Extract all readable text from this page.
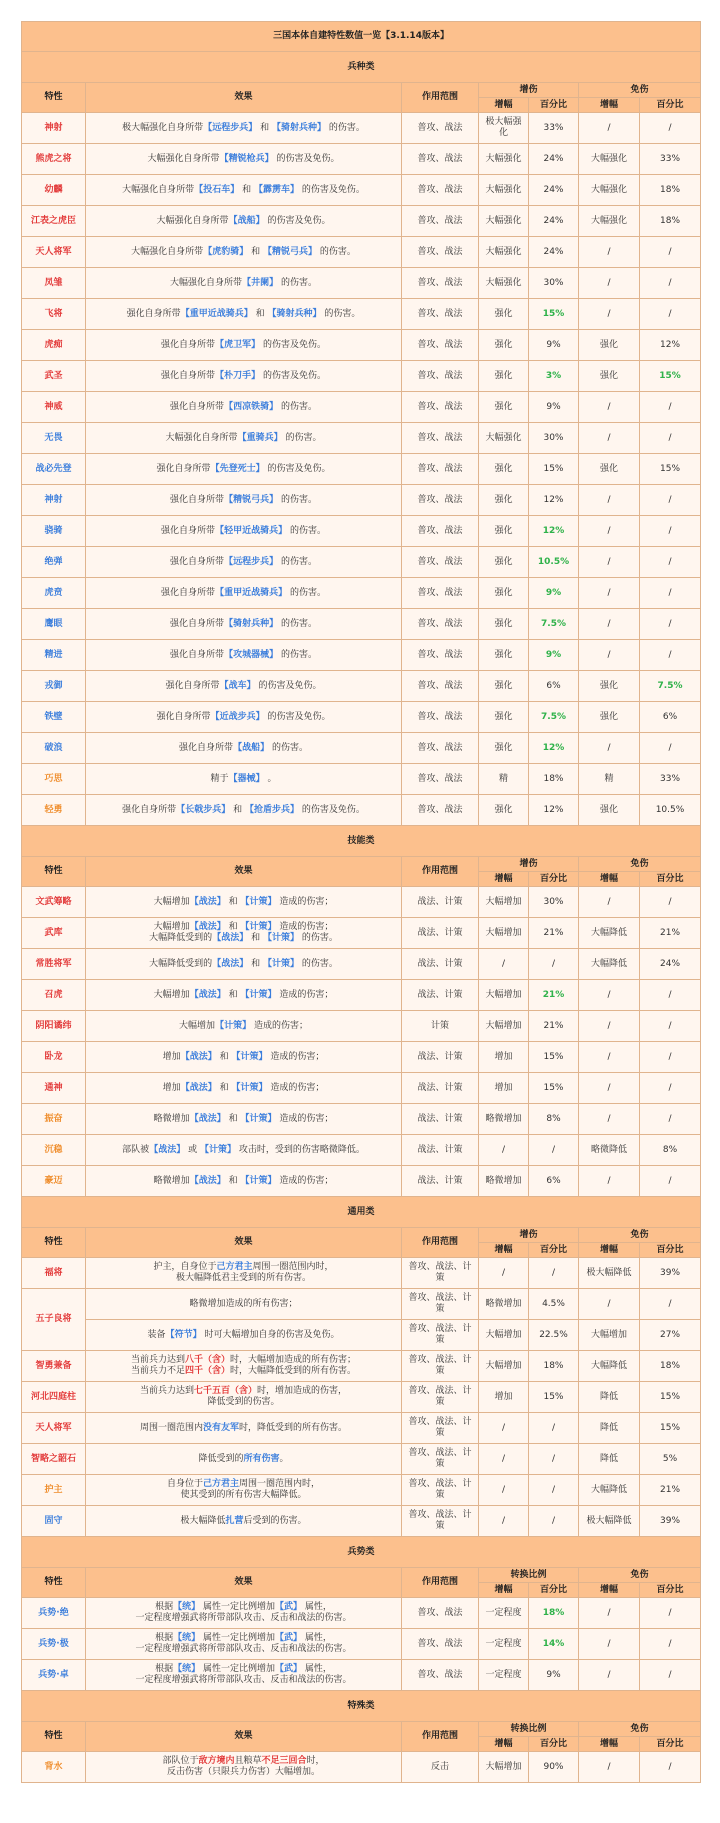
三国本体自建特性数值一览【3.1.14版本】						
兵种类						
特性	效果	作用范围	增伤		免伤	
			增幅	百分比	增幅	百分比
神射	极大幅强化自身所带【远程步兵】 和 【骑射兵种】 的伤害。	普攻、战法	极大幅强化	33%	/	/
熊虎之将	大幅强化自身所带【精锐枪兵】 的伤害及免伤。	普攻、战法	大幅强化	24%	大幅强化	33%
幼麟	大幅强化自身所带【投石车】 和 【霹雳车】 的伤害及免伤。	普攻、战法	大幅强化	24%	大幅强化	18%
江表之虎臣	大幅强化自身所带【战船】 的伤害及免伤。	普攻、战法	大幅强化	24%	大幅强化	18%
天人将军	大幅强化自身所带【虎豹骑】 和 【精锐弓兵】 的伤害。	普攻、战法	大幅强化	24%	/	/
凤雏	大幅强化自身所带【井阑】 的伤害。	普攻、战法	大幅强化	30%	/	/
飞将	强化自身所带【重甲近战骑兵】 和 【骑射兵种】 的伤害。	普攻、战法	强化	15%	/	/
虎痴	强化自身所带【虎卫军】 的伤害及免伤。	普攻、战法	强化	9%	强化	12%
武圣	强化自身所带【朴刀手】 的伤害及免伤。	普攻、战法	强化	3%	强化	15%
神威	强化自身所带【西凉铁骑】 的伤害。	普攻、战法	强化	9%	/	/
无畏	大幅强化自身所带【重骑兵】 的伤害。	普攻、战法	大幅强化	30%	/	/
战必先登	强化自身所带【先登死士】 的伤害及免伤。	普攻、战法	强化	15%	强化	15%
神射	强化自身所带【精锐弓兵】 的伤害。	普攻、战法	强化	12%	/	/
骁骑	强化自身所带【轻甲近战骑兵】 的伤害。	普攻、战法	强化	12%	/	/
绝弹	强化自身所带【远程步兵】 的伤害。	普攻、战法	强化	10.5%	/	/
虎贲	强化自身所带【重甲近战骑兵】 的伤害。	普攻、战法	强化	9%	/	/
鹰眼	强化自身所带【骑射兵种】 的伤害。	普攻、战法	强化	7.5%	/	/
精进	强化自身所带【攻城器械】 的伤害。	普攻、战法	强化	9%	/	/
戎御	强化自身所带【战车】 的伤害及免伤。	普攻、战法	强化	6%	强化	7.5%
铁壁	强化自身所带【近战步兵】 的伤害及免伤。	普攻、战法	强化	7.5%	强化	6%
破浪	强化自身所带【战船】 的伤害。	普攻、战法	强化	12%	/	/
巧思	精于【器械】 。	普攻、战法	精	18%	精	33%
轻勇	强化自身所带【长戟步兵】 和 【抢盾步兵】 的伤害及免伤。	普攻、战法	强化	12%	强化	10.5%
技能类						
特性	效果	作用范围	增伤		免伤	
			增幅	百分比	增幅	百分比
文武筹略	大幅增加【战法】 和 【计策】 造成的伤害；	战法、计策	大幅增加	30%	/	/
武库	大幅增加【战法】 和 【计策】 造成的伤害；
大幅降低受到的【战法】 和 【计策】 的伤害。	战法、计策	大幅增加	21%	大幅降低	21%
常胜将军	大幅降低受到的【战法】 和 【计策】 的伤害。	战法、计策	/	/	大幅降低	24%
召虎	大幅增加【战法】 和 【计策】 造成的伤害；	战法、计策	大幅增加	21%	/	/
阴阳谲纬	大幅增加【计策】 造成的伤害；	计策	大幅增加	21%	/	/
卧龙	增加【战法】 和 【计策】 造成的伤害；	战法、计策	增加	15%	/	/
通神	增加【战法】 和 【计策】 造成的伤害；	战法、计策	增加	15%	/	/
振奋	略微增加【战法】 和 【计策】 造成的伤害；	战法、计策	略微增加	8%	/	/
沉稳	部队被【战法】 或 【计策】 攻击时，受到的伤害略微降低。	战法、计策	/	/	略微降低	8%
豪迈	略微增加【战法】 和 【计策】 造成的伤害；	战法、计策	略微增加	6%	/	/
通用类						
特性	效果	作用范围	增伤		免伤	
			增幅	百分比	增幅	百分比
福将	护主，自身位于己方君主周围一圈范围内时，
极大幅降低君主受到的所有伤害。	普攻、战法、计策	/	/	极大幅降低	39%
五子良将	略微增加造成的所有伤害；	普攻、战法、计策	略微增加	4.5%	/	/
	装备【符节】 时可大幅增加自身的伤害及免伤。	普攻、战法、计策	大幅增加	22.5%	大幅增加	27%
智勇兼备	当前兵力达到八千（含）时，大幅增加造成的所有伤害；
当前兵力不足四千（含）时，大幅降低受到的所有伤害。	普攻、战法、计策	大幅增加	18%	大幅降低	18%
河北四庭柱	当前兵力达到七千五百（含）时，增加造成的伤害，
降低受到的伤害。	普攻、战法、计策	增加	15%	降低	15%
天人将军	周围一圈范围内没有友军时，降低受到的所有伤害。	普攻、战法、计策	/	/	降低	15%
智略之韶石	降低受到的所有伤害。	普攻、战法、计策	/	/	降低	5%
护主	自身位于己方君主周围一圈范围内时，
使其受到的所有伤害大幅降低。	普攻、战法、计策	/	/	大幅降低	21%
固守	极大幅降低扎营后受到的伤害。	普攻、战法、计策	/	/	极大幅降低	39%
兵势类						
特性	效果	作用范围	转换比例		免伤	
			增幅	百分比	增幅	百分比
兵势·绝	根据【统】 属性一定比例增加【武】 属性，
一定程度增强武将所带部队攻击、反击和战法的伤害。	普攻、战法	一定程度	18%	/	/
兵势·极	根据【统】 属性一定比例增加【武】 属性，
一定程度增强武将所带部队攻击、反击和战法的伤害。	普攻、战法	一定程度	14%	/	/
兵势·卓	根据【统】 属性一定比例增加【武】 属性，
一定程度增强武将所带部队攻击、反击和战法的伤害。	普攻、战法	一定程度	9%	/	/
特殊类						
特性	效果	作用范围	转换比例		免伤	
			增幅	百分比	增幅	百分比
背水	部队位于敌方境内且粮草不足三回合时，
反击伤害（只限兵力伤害）大幅增加。	反击	大幅增加	90%	/	/
